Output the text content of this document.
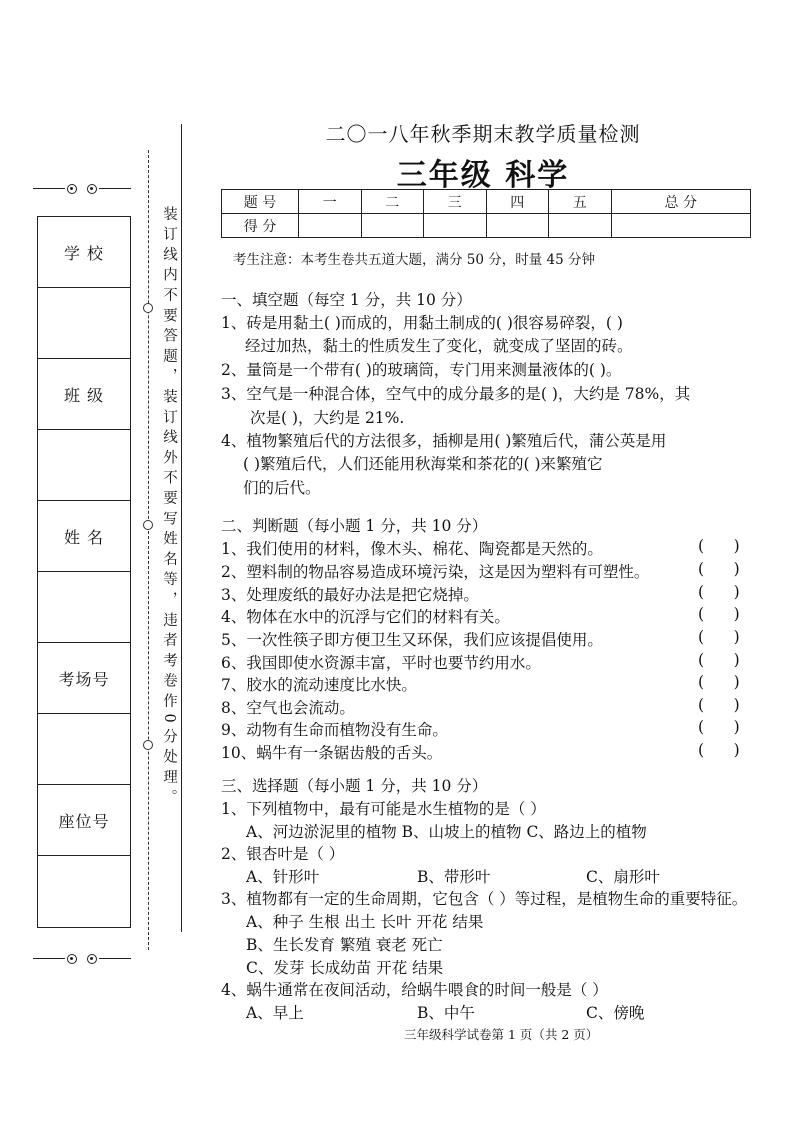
学 校
班 级
姓 名
考场号
座位号
装订线内不要答题，装订线外不要写姓名等，违者考卷作0分处理。
二〇一八年秋季期末教学质量检测
三年级 科学
题 号	一	二	三	四	五	总 分
得 分						
考生注意：本考生卷共五道大题，满分 50 分，时量 45 分钟
一、填空题（每空 1 分，共 10 分）
1、砖是用黏土( )而成的，用黏土制成的( )很容易碎裂，( )
经过加热，黏土的性质发生了变化，就变成了坚固的砖。
2、量筒是一个带有( )的玻璃筒，专门用来测量液体的( )。
3、空气是一种混合体，空气中的成分最多的是( )，大约是 78%，其
次是( )，大约是 21%.
4、植物繁殖后代的方法很多，插柳是用( )繁殖后代，蒲公英是用
( )繁殖后代，人们还能用秋海棠和茶花的( )来繁殖它
们的后代。
二、判断题（每小题 1 分，共 10 分）
1、我们使用的材料，像木头、棉花、陶瓷都是天然的。	(      )
2、塑料制的物品容易造成环境污染，这是因为塑料有可塑性。	(      )
3、处理废纸的最好办法是把它烧掉。	(      )
4、物体在水中的沉浮与它们的材料有关。	(      )
5、一次性筷子即方便卫生又环保，我们应该提倡使用。	(      )
6、我国即使水资源丰富，平时也要节约用水。	(      )
7、胶水的流动速度比水快。	(      )
8、空气也会流动。	(      )
9、动物有生命而植物没有生命。	(      )
10、蜗牛有一条锯齿般的舌头。	(      )
三、选择题（每小题 1 分，共 10 分）
1、下列植物中，最有可能是水生植物的是（ ）
A、河边淤泥里的植物 B、山坡上的植物 C、路边上的植物
2、银杏叶是（ ）
A、针形叶	B、带形叶	C、扇形叶
3、植物都有一定的生命周期，它包含（ ）等过程，是植物生命的重要特征。
A、种子 生根 出土 长叶 开花 结果
B、生长发育 繁殖 衰老 死亡
C、发芽 长成幼苗 开花 结果
4、蜗牛通常在夜间活动，给蜗牛喂食的时间一般是（ ）
A、早上	B、中午	C、傍晚
三年级科学试卷第 1 页（共 2 页）
